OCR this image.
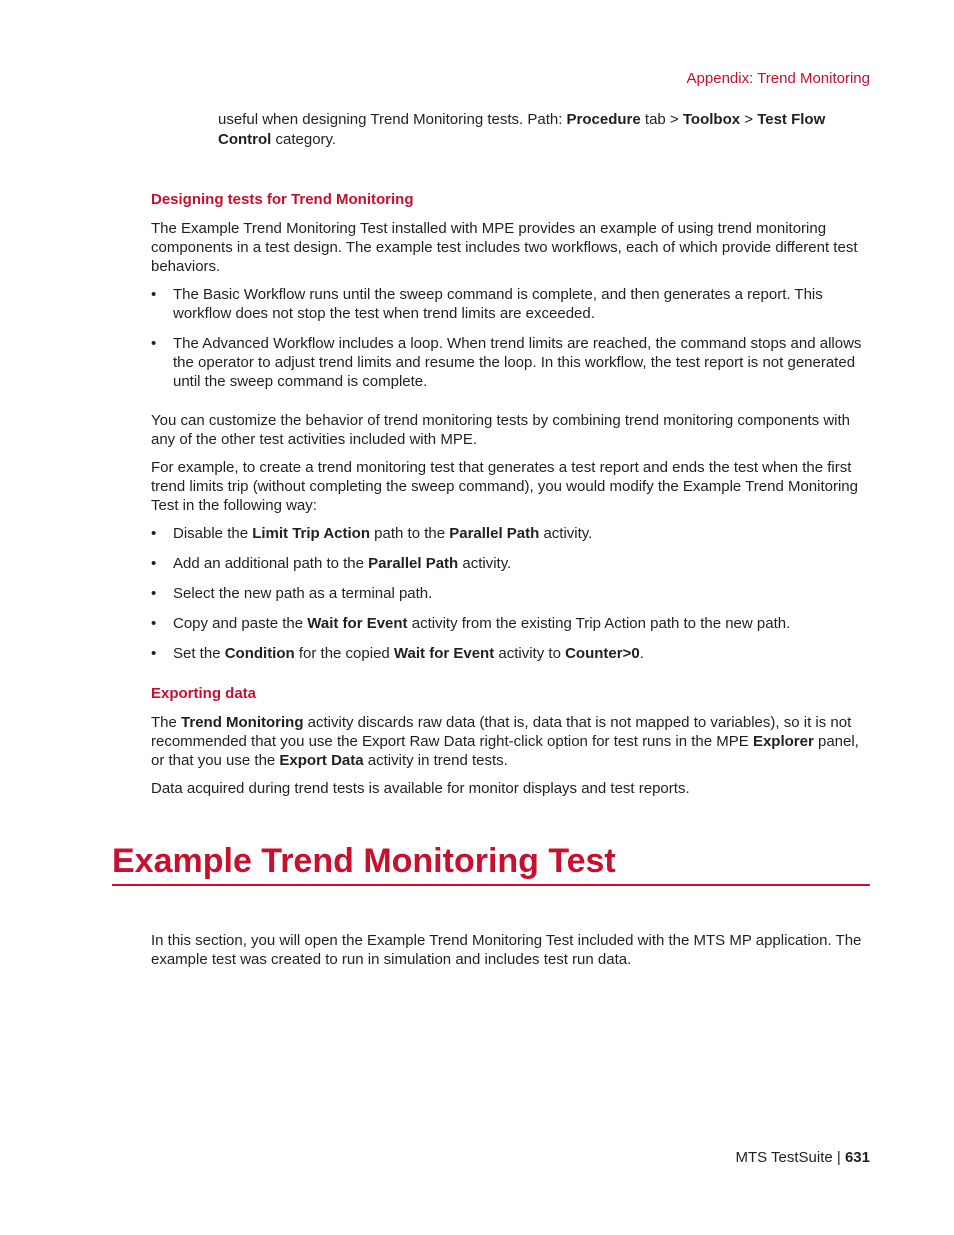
Appendix: Trend Monitoring
useful when designing Trend Monitoring tests. Path: Procedure tab > Toolbox > Test Flow Control category.
Designing tests for Trend Monitoring

The Example Trend Monitoring Test installed with MPE provides an example of using trend monitoring components in a test design. The example test includes two workflows, each of which provide different test behaviors.

• The Basic Workflow runs until the sweep command is complete, and then generates a report. This workflow does not stop the test when trend limits are exceeded.
• The Advanced Workflow includes a loop. When trend limits are reached, the command stops and allows the operator to adjust trend limits and resume the loop. In this workflow, the test report is not generated until the sweep command is complete.

You can customize the behavior of trend monitoring tests by combining trend monitoring components with any of the other test activities included with MPE.

For example, to create a trend monitoring test that generates a test report and ends the test when the first trend limits trip (without completing the sweep command), you would modify the Example Trend Monitoring Test in the following way:

• Disable the Limit Trip Action path to the Parallel Path activity.
• Add an additional path to the Parallel Path activity.
• Select the new path as a terminal path.
• Copy and paste the Wait for Event activity from the existing Trip Action path to the new path.
• Set the Condition for the copied Wait for Event activity to Counter>0.
Exporting data

The Trend Monitoring activity discards raw data (that is, data that is not mapped to variables), so it is not recommended that you use the Export Raw Data right-click option for test runs in the MPE Explorer panel, or that you use the Export Data activity in trend tests.

Data acquired during trend tests is available for monitor displays and test reports.

Example Trend Monitoring Test

In this section, you will open the Example Trend Monitoring Test included with the MTS MP application. The example test was created to run in simulation and includes test run data.

MTS TestSuite | 631
